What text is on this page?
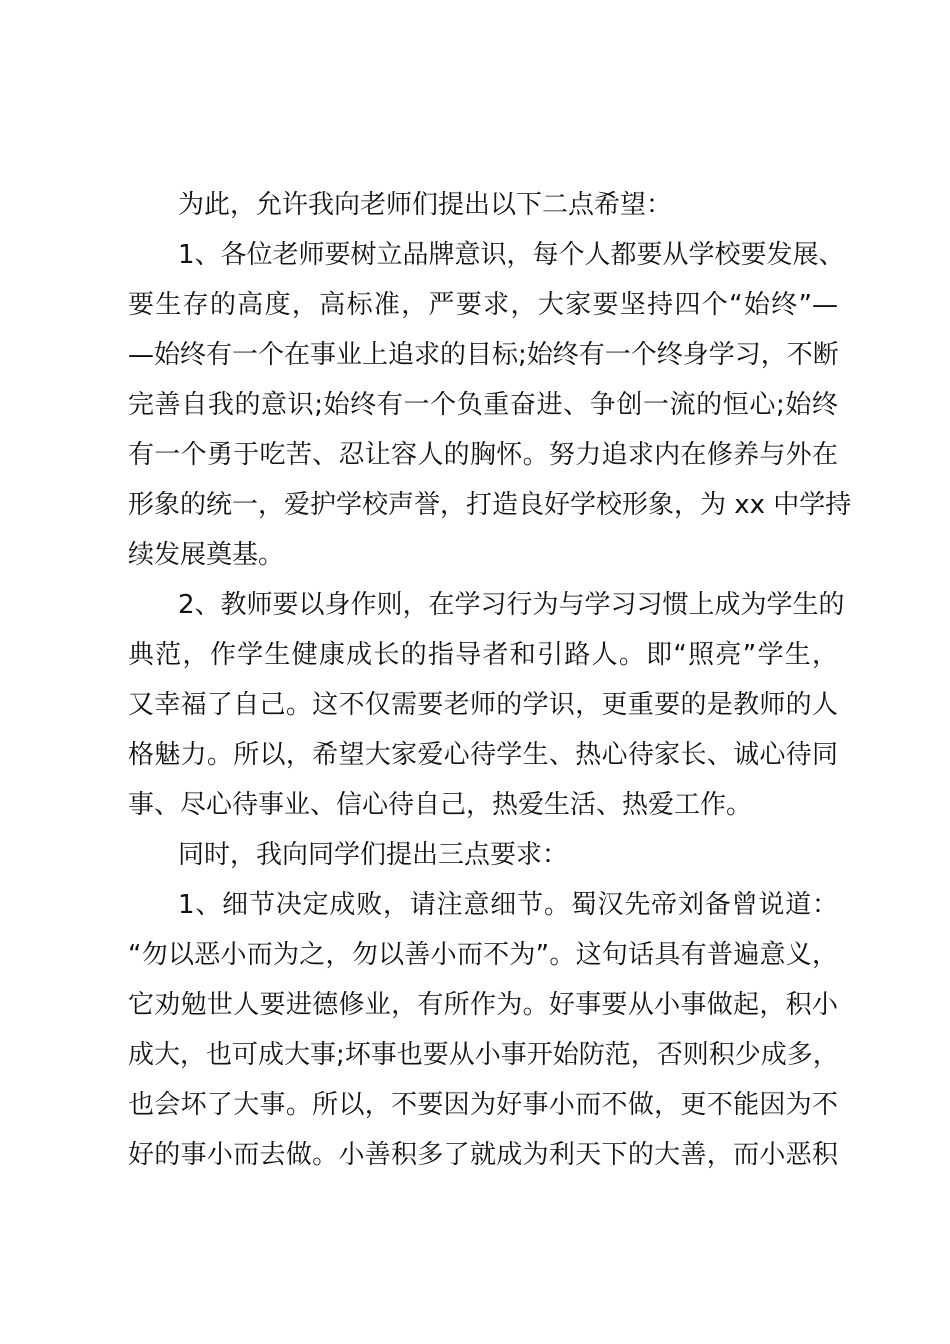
为此，允许我向老师们提出以下二点希望：

1、各位老师要树立品牌意识，每个人都要从学校要发展、
要生存的高度，高标准，严要求，大家要坚持四个“始终”—
—始终有一个在事业上追求的目标;始终有一个终身学习，不断
完善自我的意识;始终有一个负重奋进、争创一流的恒心;始终
有一个勇于吃苦、忍让容人的胸怀。努力追求内在修养与外在
形象的统一，爱护学校声誉，打造良好学校形象，为 xx 中学持
续发展奠基。

2、教师要以身作则，在学习行为与学习习惯上成为学生的
典范，作学生健康成长的指导者和引路人。即“照亮”学生，
又幸福了自己。这不仅需要老师的学识，更重要的是教师的人
格魅力。所以，希望大家爱心待学生、热心待家长、诚心待同
事、尽心待事业、信心待自己，热爱生活、热爱工作。

同时，我向同学们提出三点要求：

1、细节决定成败，请注意细节。蜀汉先帝刘备曾说道：
“勿以恶小而为之，勿以善小而不为”。这句话具有普遍意义，
它劝勉世人要进德修业，有所作为。好事要从小事做起，积小
成大，也可成大事;坏事也要从小事开始防范，否则积少成多，
也会坏了大事。所以，不要因为好事小而不做，更不能因为不
好的事小而去做。小善积多了就成为利天下的大善，而小恶积
